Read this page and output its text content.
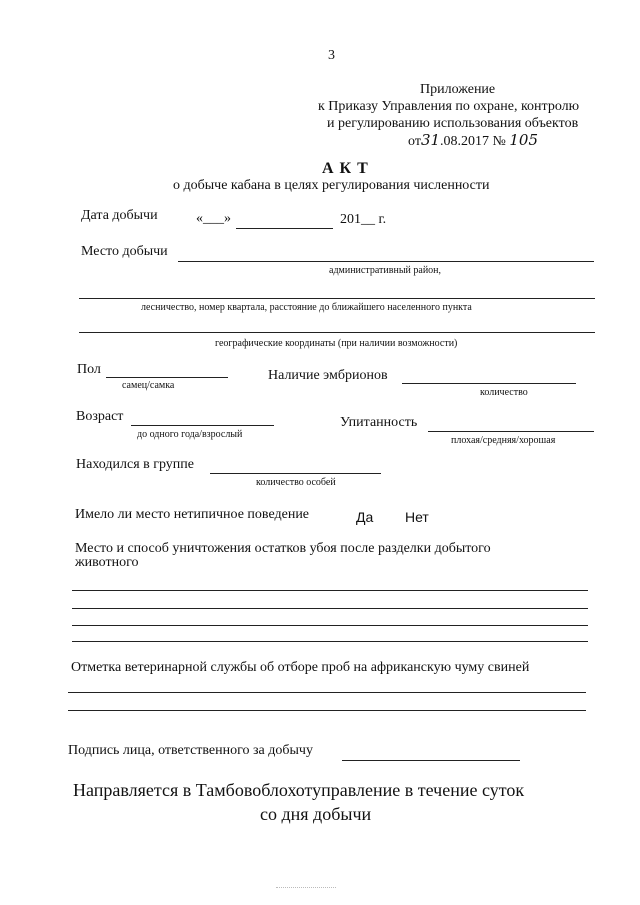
3
Приложение
к Приказу Управления по охране, контролю
и регулированию использования объектов
от31.08.2017 № 105
А К Т
о добыче кабана в целях регулирования численности
Дата добычи	«___»	201__ г.
Место добычи
административный район,
лесничество, номер квартала, расстояние до ближайшего населенного пункта
географические координаты (при наличии возможности)
Пол
самец/самка
Наличие эмбрионов
количество
Возраст
до одного года/взрослый
Упитанность
плохая/средняя/хорошая
Находился в группе
количество особей
Имело ли место нетипичное поведение	Да Нет
Место и способ уничтожения остатков убоя после разделки добытого
животного
Отметка ветеринарной службы об отборе проб на африканскую чуму свиней
Подпись лица, ответственного за добычу
Направляется в Тамбовоблохотуправление в течение суток
со дня добычи
